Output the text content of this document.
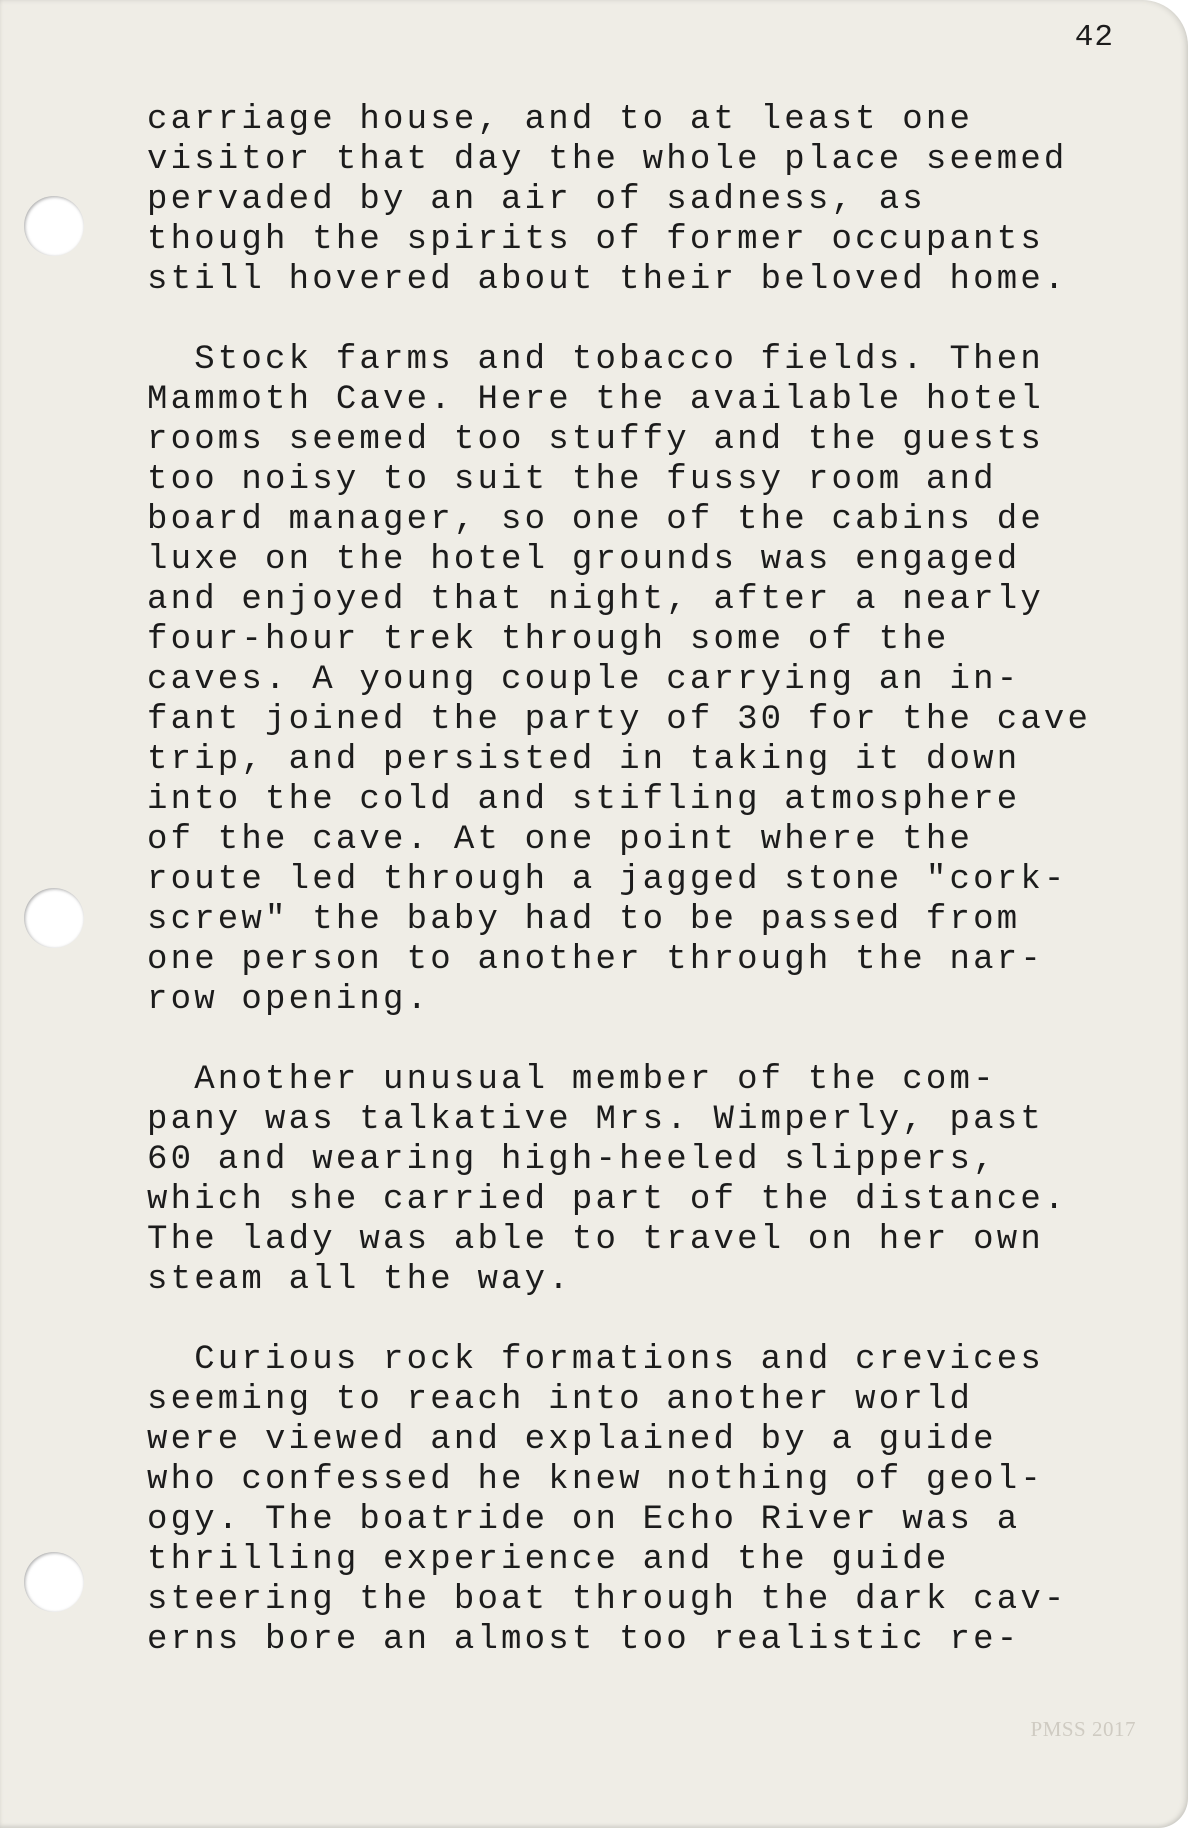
42
carriage house, and to at least one
visitor that day the whole place seemed
pervaded by an air of sadness, as
though the spirits of former occupants
still hovered about their beloved home.
Stock farms and tobacco fields. Then
Mammoth Cave. Here the available hotel
rooms seemed too stuffy and the guests
too noisy to suit the fussy room and
board manager, so one of the cabins de
luxe on the hotel grounds was engaged
and enjoyed that night, after a nearly
four-hour trek through some of the
caves. A young couple carrying an in-
fant joined the party of 30 for the cave
trip, and persisted in taking it down
into the cold and stifling atmosphere
of the cave. At one point where the
route led through a jagged stone "cork-
screw" the baby had to be passed from
one person to another through the nar-
row opening.
Another unusual member of the com-
pany was talkative Mrs. Wimperly, past
60 and wearing high-heeled slippers,
which she carried part of the distance.
The lady was able to travel on her own
steam all the way.
Curious rock formations and crevices
seeming to reach into another world
were viewed and explained by a guide
who confessed he knew nothing of geol-
ogy. The boatride on Echo River was a
thrilling experience and the guide
steering the boat through the dark cav-
erns bore an almost too realistic re-
PMSS 2017
